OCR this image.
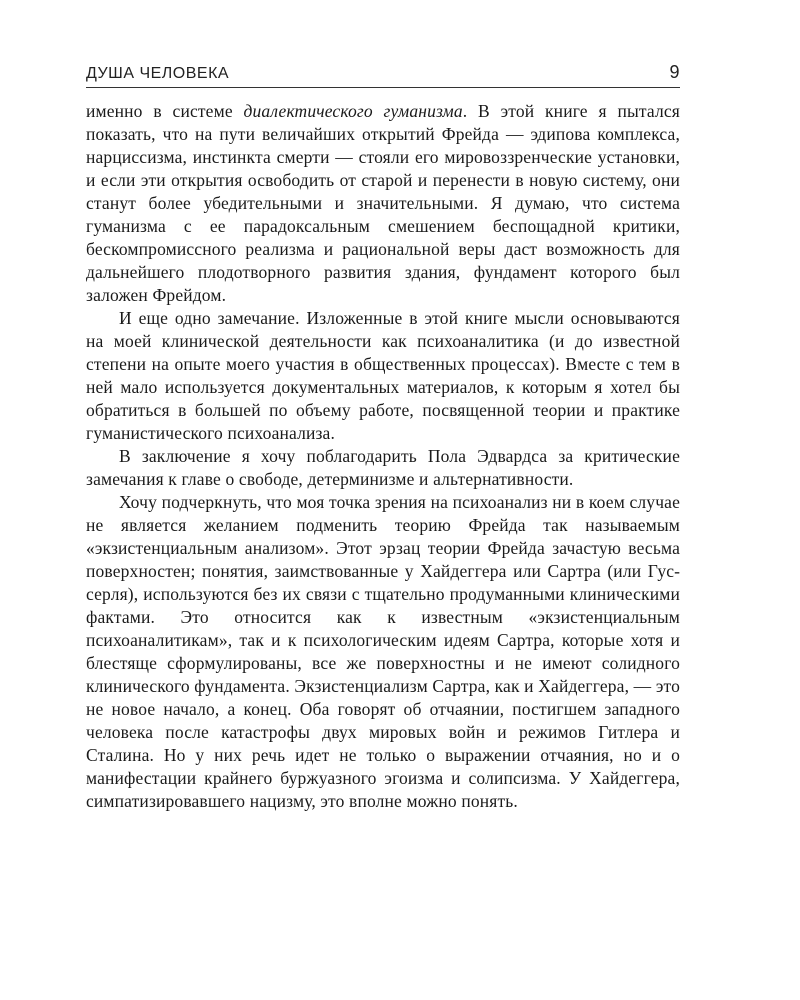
ДУША ЧЕЛОВЕКА	9

именно в системе диалектического гуманизма. В этой книге я пытался показать, что на пути величайших открытий Фрейда — эдипова комплекса, нарциссизма, инстинкта смерти — стояли его мировоззренческие установки, и если эти открытия освободить от старой и перенести в новую систему, они станут более убедительными и значительными. Я думаю, что система гуманизма с ее парадоксальным смешением беспощадной критики, бескомпромиссного реализма и рациональной веры даст возможность для дальнейшего плодотворного развития здания, фундамент которого был заложен Фрейдом.

И еще одно замечание. Изложенные в этой книге мысли основываются на моей клинической деятельности как психоаналитика (и до известной степени на опыте моего участия в общественных процессах). Вместе с тем в ней мало используется документальных материалов, к которым я хотел бы обратиться в большей по объему работе, посвященной теории и практике гуманистического психоанализа.

В заключение я хочу поблагодарить Пола Эдвардса за критические замечания к главе о свободе, детерминизме и альтернативности.

Хочу подчеркнуть, что моя точка зрения на психоанализ ни в коем случае не является желанием подменить теорию Фрейда так называемым «экзистенциальным анализом». Этот эрзац теории Фрейда зачастую весьма поверхностен; понятия, заимствованные у Хайдеггера или Сартра (или Гуссерля), используются без их связи с тщательно продуманными клиническими фактами. Это относится как к известным «экзистенциальным психоаналитикам», так и к психологическим идеям Сартра, которые хотя и блестяще сформулированы, все же поверхностны и не имеют солидного клинического фундамента. Экзистенциализм Сартра, как и Хайдеггера, — это не новое начало, а конец. Оба говорят об отчаянии, постигшем западного человека после катастрофы двух мировых войн и режимов Гитлера и Сталина. Но у них речь идет не только о выражении отчаяния, но и о манифестации крайнего буржуазного эгоизма и солипсизма. У Хайдеггера, симпатизировавшего нацизму, это вполне можно понять.
